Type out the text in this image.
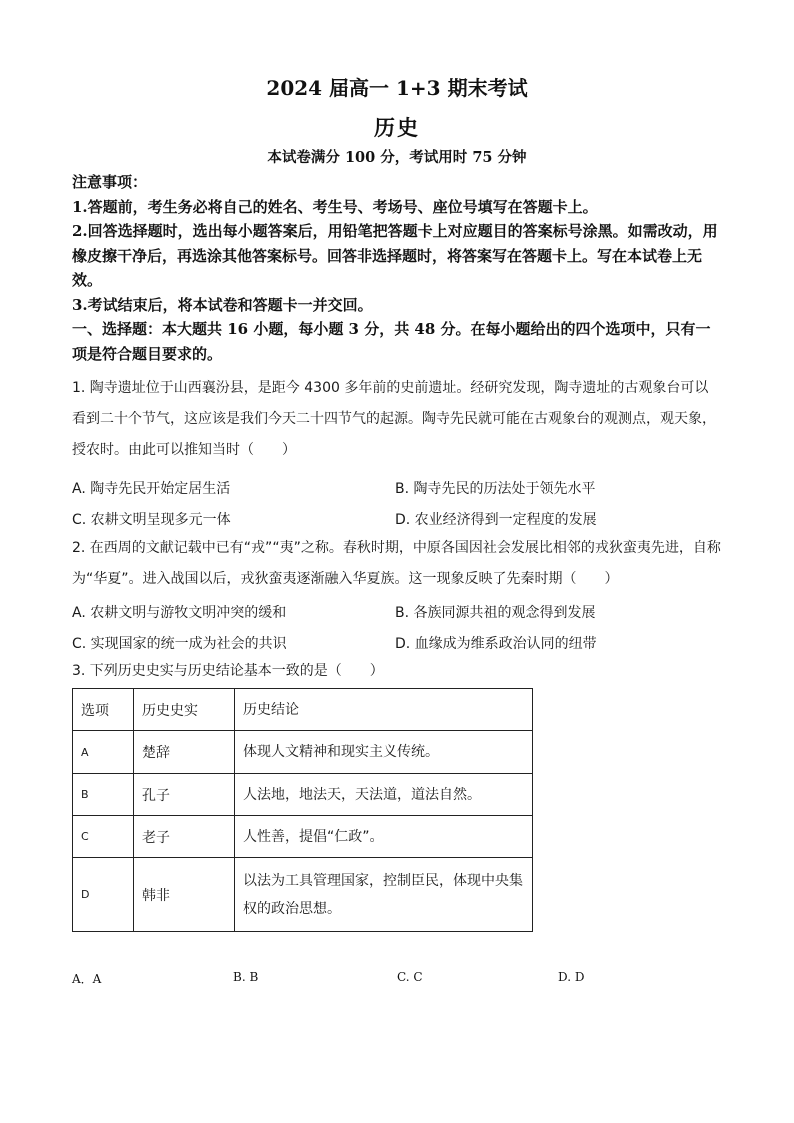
2024 届高一 1+3 期末考试
历史
本试卷满分 100 分，考试用时 75 分钟
注意事项：
1.答题前，考生务必将自己的姓名、考生号、考场号、座位号填写在答题卡上。
2.回答选择题时，选出每小题答案后，用铅笔把答题卡上对应题目的答案标号涂黑。如需改动，用橡皮擦干净后，再选涂其他答案标号。回答非选择题时，将答案写在答题卡上。写在本试卷上无效。
3.考试结束后，将本试卷和答题卡一并交回。
一、选择题：本大题共 16 小题，每小题 3 分，共 48 分。在每小题给出的四个选项中，只有一项是符合题目要求的。
1. 陶寺遗址位于山西襄汾县，是距今 4300 多年前的史前遗址。经研究发现，陶寺遗址的古观象台可以看到二十个节气，这应该是我们今天二十四节气的起源。陶寺先民就可能在古观象台的观测点，观天象，授农时。由此可以推知当时（　　）
A. 陶寺先民开始定居生活	B. 陶寺先民的历法处于领先水平
C. 农耕文明呈现多元一体	D. 农业经济得到一定程度的发展
2. 在西周的文献记载中已有“戎”“夷”之称。春秋时期，中原各国因社会发展比相邻的戎狄蛮夷先进，自称为“华夏”。进入战国以后，戎狄蛮夷逐渐融入华夏族。这一现象反映了先秦时期（　　）
A. 农耕文明与游牧文明冲突的缓和	B. 各族同源共祖的观念得到发展
C. 实现国家的统一成为社会的共识	D. 血缘成为维系政治认同的纽带
3. 下列历史史实与历史结论基本一致的是（　　）
选项	历史史实	历史结论
A	楚辞	体现人文精神和现实主义传统。
B	孔子	人法地，地法天，天法道，道法自然。
C	老子	人性善，提倡“仁政”。
D	韩非	以法为工具管理国家，控制臣民，体现中央集权的政治思想。
A．A	B. B	C. C	D. D
